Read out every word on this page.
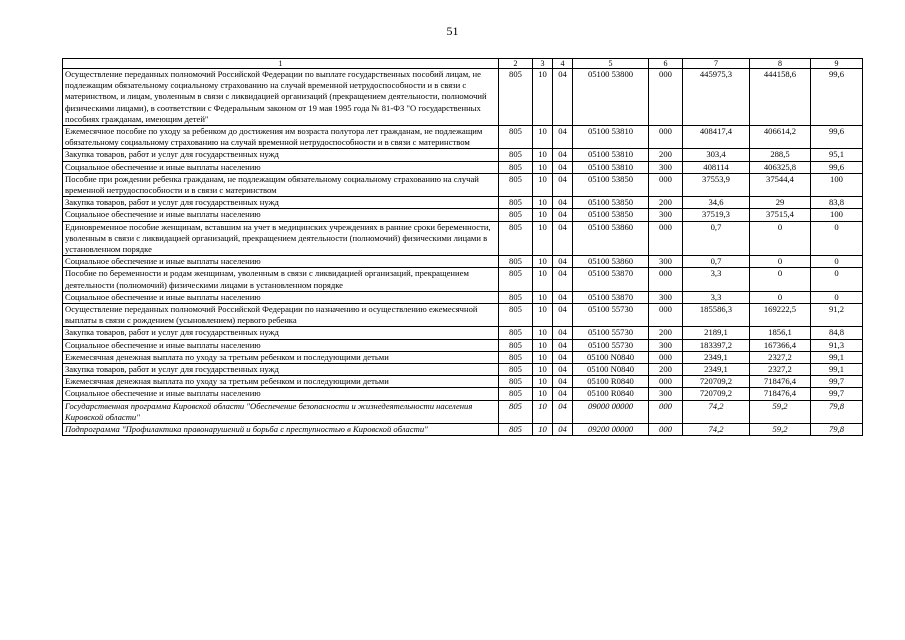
51
1	2	3	4	5	6	7	8	9
Осуществление переданных полномочий Российской Федерации по выплате государственных пособий лицам, не подлежащим обязательному социальному страхованию на случай временной нетрудоспособности и в связи с материнством, и лицам, уволенным в связи с ликвидацией организаций (прекращением деятельности, полномочий физическими лицами), в соответствии с Федеральным законом от 19 мая 1995 года № 81-ФЗ "О государственных пособиях гражданам, имеющим детей"	805	10	04	05100 53800	000	445975,3	444158,6	99,6
Ежемесячное пособие по уходу за ребенком до достижения им возраста полутора лет гражданам, не подлежащим обязательному социальному страхованию на случай временной нетрудоспособности и в связи с материнством	805	10	04	05100 53810	000	408417,4	406614,2	99,6
Закупка товаров, работ и услуг для государственных нужд	805	10	04	05100 53810	200	303,4	288,5	95,1
Социальное обеспечение и иные выплаты населению	805	10	04	05100 53810	300	408114	406325,8	99,6
Пособие при рождении ребенка гражданам, не подлежащим обязательному социальному страхованию на случай временной нетрудоспособности и в связи с материнством	805	10	04	05100 53850	000	37553,9	37544,4	100
Закупка товаров, работ и услуг для государственных нужд	805	10	04	05100 53850	200	34,6	29	83,8
Социальное обеспечение и иные выплаты населению	805	10	04	05100 53850	300	37519,3	37515,4	100
Единовременное пособие женщинам, вставшим на учет в медицинских учреждениях в ранние сроки беременности, уволенным в связи с ликвидацией организаций, прекращением деятельности (полномочий) физическими лицами в установленном порядке	805	10	04	05100 53860	000	0,7	0	0
Социальное обеспечение и иные выплаты населению	805	10	04	05100 53860	300	0,7	0	0
Пособие по беременности и родам женщинам, уволенным в связи с ликвидацией организаций, прекращением деятельности (полномочий) физическими лицами в установленном порядке	805	10	04	05100 53870	000	3,3	0	0
Социальное обеспечение и иные выплаты населению	805	10	04	05100 53870	300	3,3	0	0
Осуществление переданных полномочий Российской Федерации по назначению и осуществлению ежемесячной выплаты в связи с рождением (усыновлением) первого ребенка	805	10	04	05100 55730	000	185586,3	169222,5	91,2
Закупка товаров, работ и услуг для государственных нужд	805	10	04	05100 55730	200	2189,1	1856,1	84,8
Социальное обеспечение и иные выплаты населению	805	10	04	05100 55730	300	183397,2	167366,4	91,3
Ежемесячная денежная выплата по уходу за третьим ребенком и последующими детьми	805	10	04	05100 N0840	000	2349,1	2327,2	99,1
Закупка товаров, работ и услуг для государственных нужд	805	10	04	05100 N0840	200	2349,1	2327,2	99,1
Ежемесячная денежная выплата по уходу за третьим ребенком и последующими детьми	805	10	04	05100 R0840	000	720709,2	718476,4	99,7
Социальное обеспечение и иные выплаты населению	805	10	04	05100 R0840	300	720709,2	718476,4	99,7
Государственная программа Кировской области "Обеспечение безопасности и жизнедеятельности населения Кировской области"	805	10	04	09000 00000	000	74,2	59,2	79,8
Подпрограмма "Профилактика правонарушений и борьба с преступностью в Кировской области"	805	10	04	09200 00000	000	74,2	59,2	79,8
